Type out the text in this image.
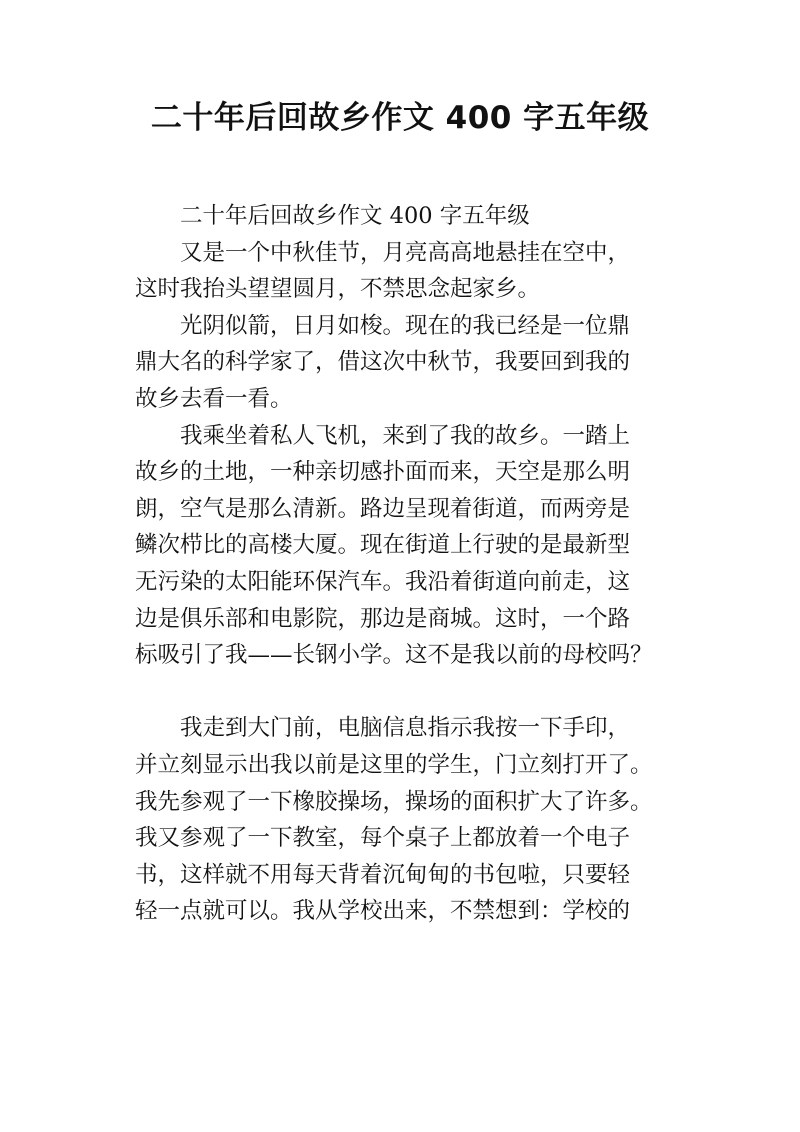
二十年后回故乡作文 400 字五年级
二十年后回故乡作文 400 字五年级
又是一个中秋佳节，月亮高高地悬挂在空中，
这时我抬头望望圆月，不禁思念起家乡。
光阴似箭，日月如梭。现在的我已经是一位鼎
鼎大名的科学家了，借这次中秋节，我要回到我的
故乡去看一看。
我乘坐着私人飞机，来到了我的故乡。一踏上
故乡的土地，一种亲切感扑面而来，天空是那么明
朗，空气是那么清新。路边呈现着街道，而两旁是
鳞次栉比的高楼大厦。现在街道上行驶的是最新型
无污染的太阳能环保汽车。我沿着街道向前走，这
边是俱乐部和电影院，那边是商城。这时，一个路
标吸引了我——长钢小学。这不是我以前的母校吗？
我走到大门前，电脑信息指示我按一下手印，
并立刻显示出我以前是这里的学生，门立刻打开了。
我先参观了一下橡胶操场，操场的面积扩大了许多。
我又参观了一下教室，每个桌子上都放着一个电子
书，这样就不用每天背着沉甸甸的书包啦，只要轻
轻一点就可以。我从学校出来，不禁想到：学校的
